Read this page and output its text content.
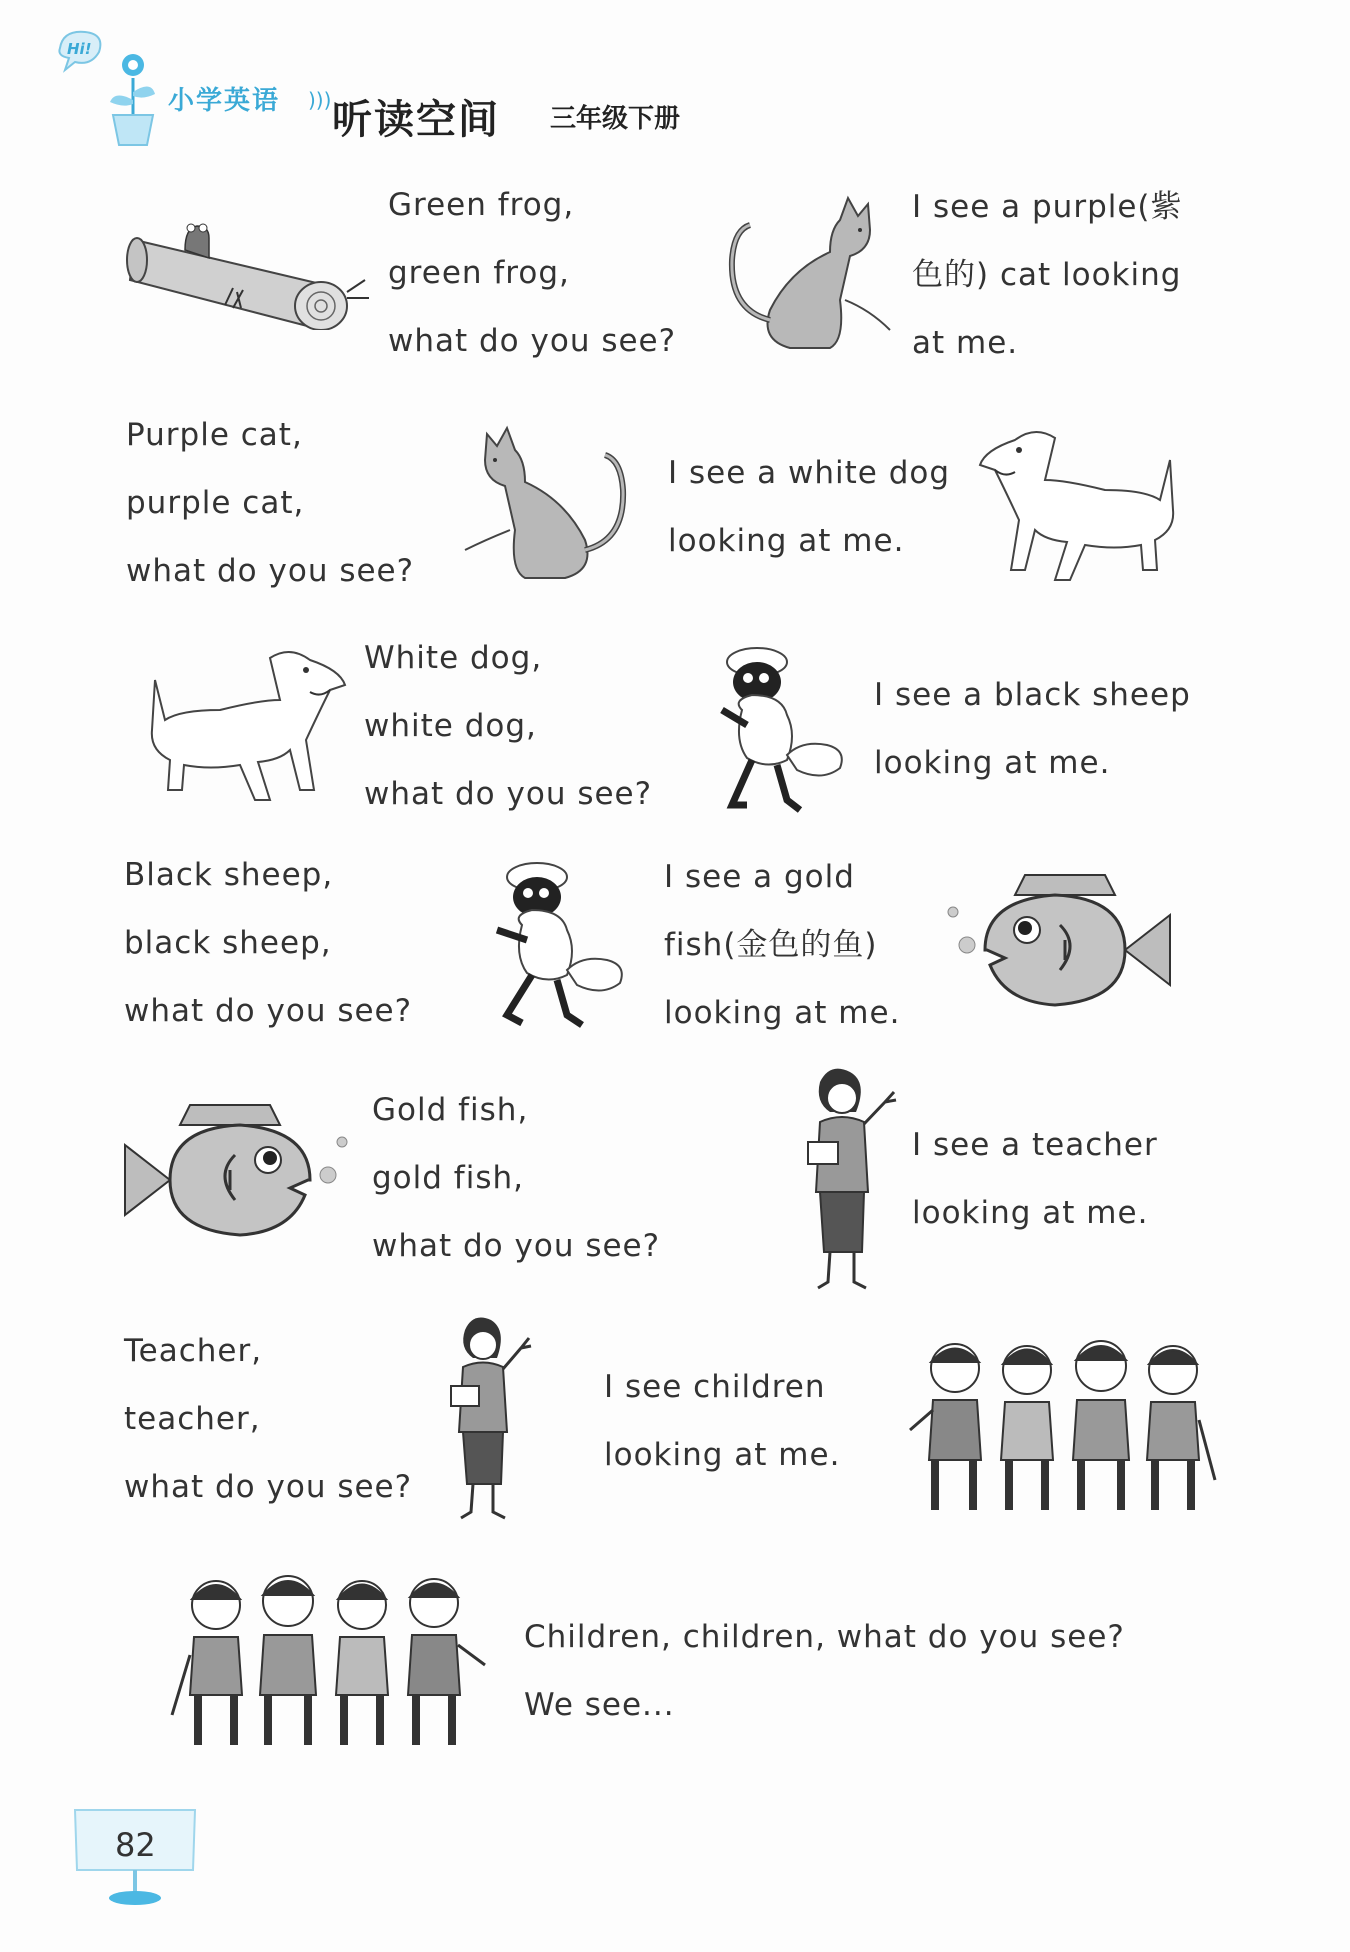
Hi!
小学英语 ))) 听读空间 三年级下册
Green frog,
green frog,
what do you see?
I see a purple(紫
色的) cat looking
at me.
Purple cat,
purple cat,
what do you see?
I see a white dog
looking at me.
White dog,
white dog,
what do you see?
I see a black sheep
looking at me.
Black sheep,
black sheep,
what do you see?
I see a gold
fish(金色的鱼)
looking at me.
Gold fish,
gold fish,
what do you see?
I see a teacher
looking at me.
Teacher,
teacher,
what do you see?
I see children
looking at me.
Children, children, what do you see?
We see...
82
